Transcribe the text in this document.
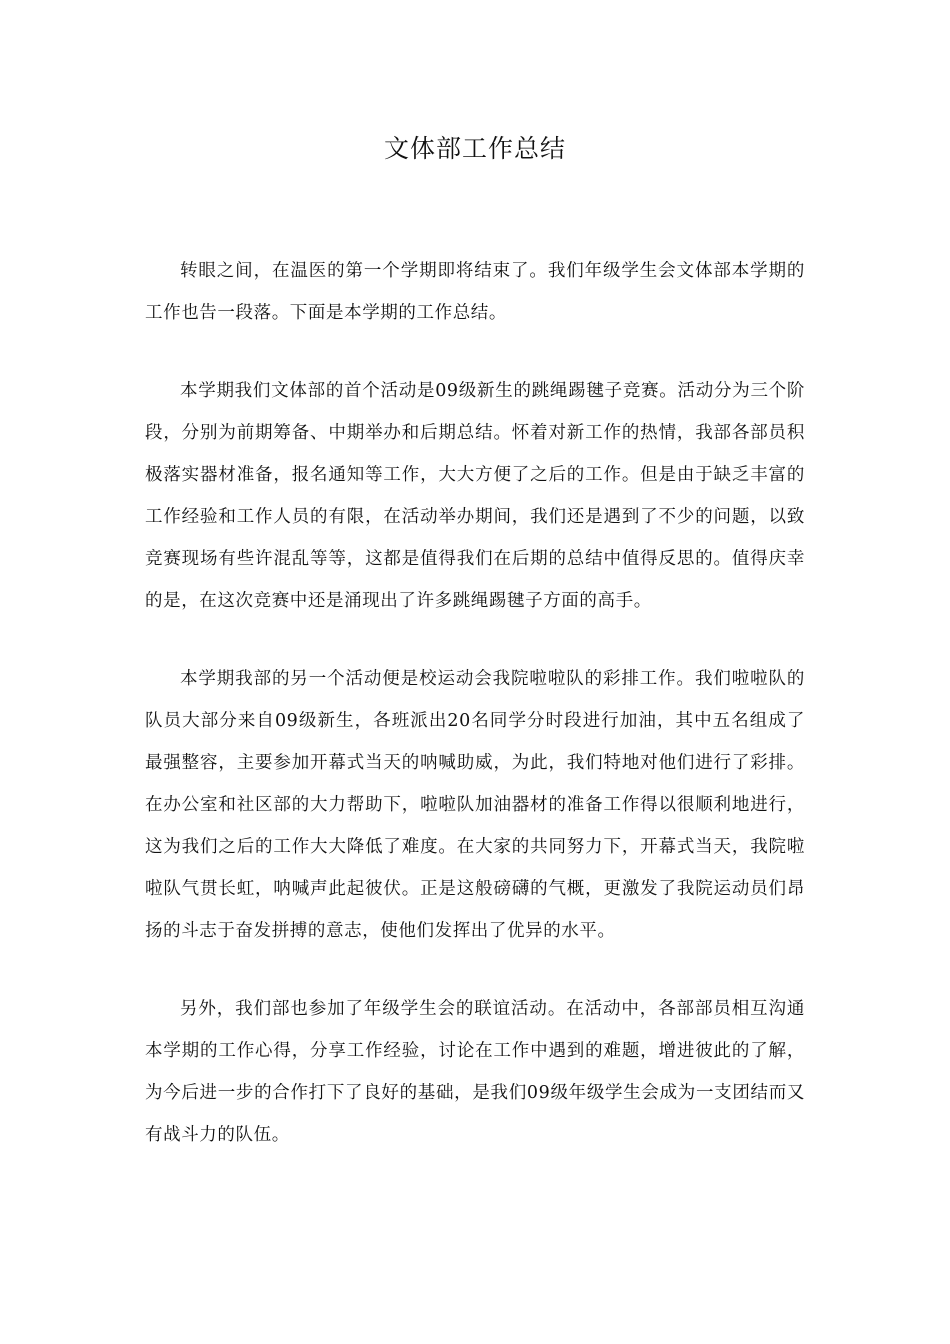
文体部工作总结

转眼之间，在温医的第一个学期即将结束了。我们年级学生会文体部本学期的工作也告一段落。下面是本学期的工作总结。

本学期我们文体部的首个活动是09级新生的跳绳踢毽子竞赛。活动分为三个阶段，分别为前期筹备、中期举办和后期总结。怀着对新工作的热情，我部各部员积极落实器材准备，报名通知等工作，大大方便了之后的工作。但是由于缺乏丰富的工作经验和工作人员的有限，在活动举办期间，我们还是遇到了不少的问题，以致竞赛现场有些许混乱等等，这都是值得我们在后期的总结中值得反思的。值得庆幸的是，在这次竞赛中还是涌现出了许多跳绳踢毽子方面的高手。

本学期我部的另一个活动便是校运动会我院啦啦队的彩排工作。我们啦啦队的队员大部分来自09级新生，各班派出20名同学分时段进行加油，其中五名组成了最强整容，主要参加开幕式当天的呐喊助威，为此，我们特地对他们进行了彩排。在办公室和社区部的大力帮助下，啦啦队加油器材的准备工作得以很顺利地进行，这为我们之后的工作大大降低了难度。在大家的共同努力下，开幕式当天，我院啦啦队气贯长虹，呐喊声此起彼伏。正是这般磅礴的气概，更激发了我院运动员们昂扬的斗志于奋发拼搏的意志，使他们发挥出了优异的水平。

另外，我们部也参加了年级学生会的联谊活动。在活动中，各部部员相互沟通本学期的工作心得，分享工作经验，讨论在工作中遇到的难题，增进彼此的了解，为今后进一步的合作打下了良好的基础，是我们09级年级学生会成为一支团结而又有战斗力的队伍。
